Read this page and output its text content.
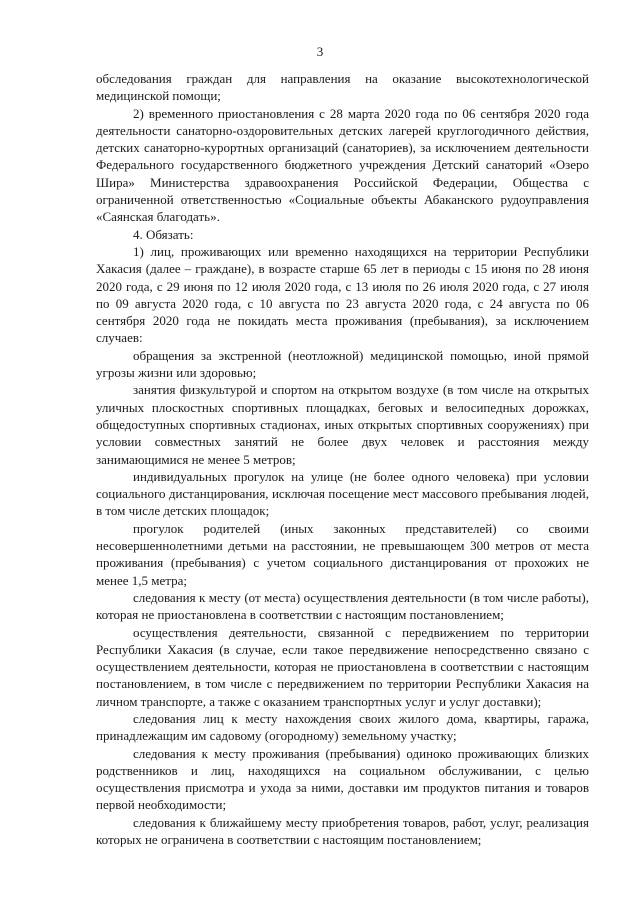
3

обследования граждан для направления на оказание высокотехнологической медицинской помощи;

2) временного приостановления с 28 марта 2020 года по 06 сентября 2020 года деятельности санаторно-оздоровительных детских лагерей круглогодичного действия, детских санаторно-курортных организаций (санаториев), за исключением деятельности Федерального государственного бюджетного учреждения Детский санаторий «Озеро Шира» Министерства здравоохранения Российской Федерации, Общества с ограниченной ответственностью «Социальные объекты Абаканского рудоуправления «Саянская благодать».

4. Обязать:

1) лиц, проживающих или временно находящихся на территории Республики Хакасия (далее – граждане), в возрасте старше 65 лет в периоды с 15 июня по 28 июня 2020 года, с 29 июня по 12 июля 2020 года, с 13 июля по 26 июля 2020 года, с 27 июля по 09 августа 2020 года, с 10 августа по 23 августа 2020 года, с 24 августа по 06 сентября 2020 года не покидать места проживания (пребывания), за исключением случаев:

обращения за экстренной (неотложной) медицинской помощью, иной прямой угрозы жизни или здоровью;

занятия физкультурой и спортом на открытом воздухе (в том числе на открытых уличных плоскостных спортивных площадках, беговых и велосипедных дорожках, общедоступных спортивных стадионах, иных открытых спортивных сооружениях) при условии совместных занятий не более двух человек и расстояния между занимающимися не менее 5 метров;

индивидуальных прогулок на улице (не более одного человека) при условии социального дистанцирования, исключая посещение мест массового пребывания людей, в том числе детских площадок;

прогулок родителей (иных законных представителей) со своими несовершеннолетними детьми на расстоянии, не превышающем 300 метров от места проживания (пребывания) с учетом социального дистанцирования от прохожих не менее 1,5 метра;

следования к месту (от места) осуществления деятельности (в том числе работы), которая не приостановлена в соответствии с настоящим постановлением;

осуществления деятельности, связанной с передвижением по территории Республики Хакасия (в случае, если такое передвижение непосредственно связано с осуществлением деятельности, которая не приостановлена в соответствии с настоящим постановлением, в том числе с передвижением по территории Республики Хакасия на личном транспорте, а также с оказанием транспортных услуг и услуг доставки);

следования лиц к месту нахождения своих жилого дома, квартиры, гаража, принадлежащим им садовому (огородному) земельному участку;

следования к месту проживания (пребывания) одиноко проживающих близких родственников и лиц, находящихся на социальном обслуживании, с целью осуществления присмотра и ухода за ними, доставки им продуктов питания и товаров первой необходимости;

следования к ближайшему месту приобретения товаров, работ, услуг, реализация которых не ограничена в соответствии с настоящим постановлением;
